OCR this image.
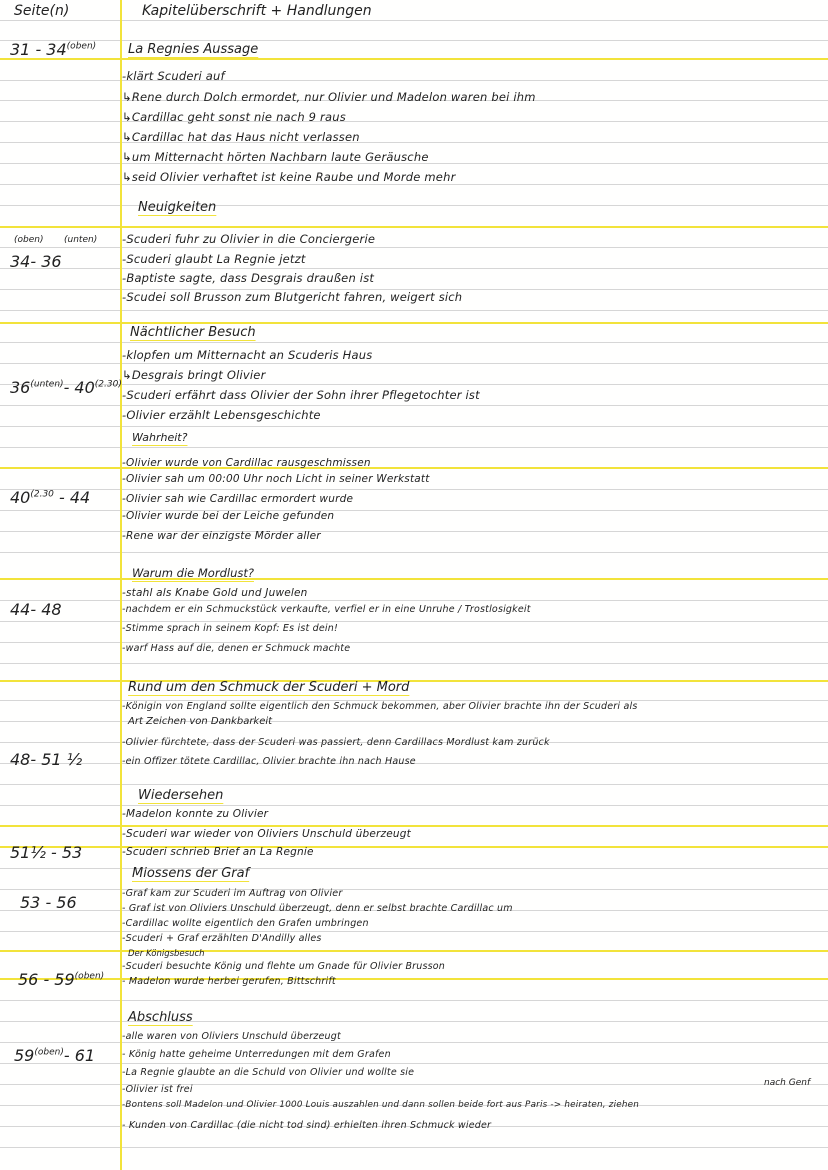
Seite(n)	Kapitelüberschrift + Handlungen
$31 - 34^{(oben)}$ La Regnies Aussage
-klärt Scuderi auf
↳Rene durch Dolch ermordet, nur Olivier und Madelon waren bei ihm
↳Cardillac geht sonst nie nach 9 raus
↳Cardillac hat das Haus nicht verlassen
↳um Mitternacht hörten Nachbarn laute Geräusche
↳seid Olivier verhaftet ist keine Raube und Morde mehr
Neuigkeiten
(oben) (unten)
34- 36
-Scuderi fuhr zu Olivier in die Conciergerie
-Scuderi glaubt La Regnie jetzt
-Baptiste sagte, dass Desgrais draußen ist
-Scudei soll Brusson zum Blutgericht fahren, weigert sich
Nächtlicher Besuch
$36^{(unten)}-$ $40^{(2.30)}$
-klopfen um Mitternacht an Scuderis Haus
↳Desgrais bringt Olivier
-Scuderi erfährt dass Olivier der Sohn ihrer Pflegetochter ist
-Olivier erzählt Lebensgeschichte
Wahrheit?
$40^{(2.30} - 44$
-Olivier wurde von Cardillac rausgeschmissen
-Olivier sah um 00:00 Uhr noch Licht in seiner Werkstatt
-Olivier sah wie Cardillac ermordert wurde
-Olivier wurde bei der Leiche gefunden
-Rene war der einzigste Mörder aller
Warum die Mordlust?
44- 48
-stahl als Knabe Gold und Juwelen
-nachdem er ein Schmuckstück verkaufte, verfiel er in eine Unruhe / Trostlosigkeit
-Stimme sprach in seinem Kopf: Es ist dein!
-warf Hass auf die, denen er Schmuck machte
Rund um den Schmuck der Scuderi + Mord
48- 51 ½
-Königin von England sollte eigentlich den Schmuck bekommen, aber Olivier brachte ihn der Scuderi als
Art Zeichen von Dankbarkeit
-Olivier fürchtete, dass der Scuderi was passiert, denn Cardillacs Mordlust kam zurück
-ein Offizer tötete Cardillac, Olivier brachte ihn nach Hause
Wiedersehen
51½ - 53
-Madelon konnte zu Olivier
-Scuderi war wieder von Oliviers Unschuld überzeugt
-Scuderi schrieb Brief an La Regnie
Miossens der Graf
53 - 56	-Graf kam zur Scuderi im Auftrag von Olivier
- Graf ist von Oliviers Unschuld überzeugt, denn er selbst brachte Cardillac um
-Cardillac wollte eigentlich den Grafen umbringen
-Scuderi + Graf erzählten D'Andilly alles
Der Königsbesuch
$56 - 59^{(oben)}$
-Scuderi besuchte König und flehte um Gnade für Olivier Brusson
- Madelon wurde herbei gerufen, Bittschrift
Abschluss
$59^{(oben)}-$ 61
nach Genf
-alle waren von Oliviers Unschuld überzeugt
- König hatte geheime Unterredungen mit dem Grafen
-La Regnie glaubte an die Schuld von Olivier und wollte sie
-Olivier ist frei
-Bontens soll Madelon und Olivier 1000 Louis auszahlen und dann sollen beide fort aus Paris -> heiraten, ziehen
- Kunden von Cardillac (die nicht tod sind) erhielten ihren Schmuck wieder
